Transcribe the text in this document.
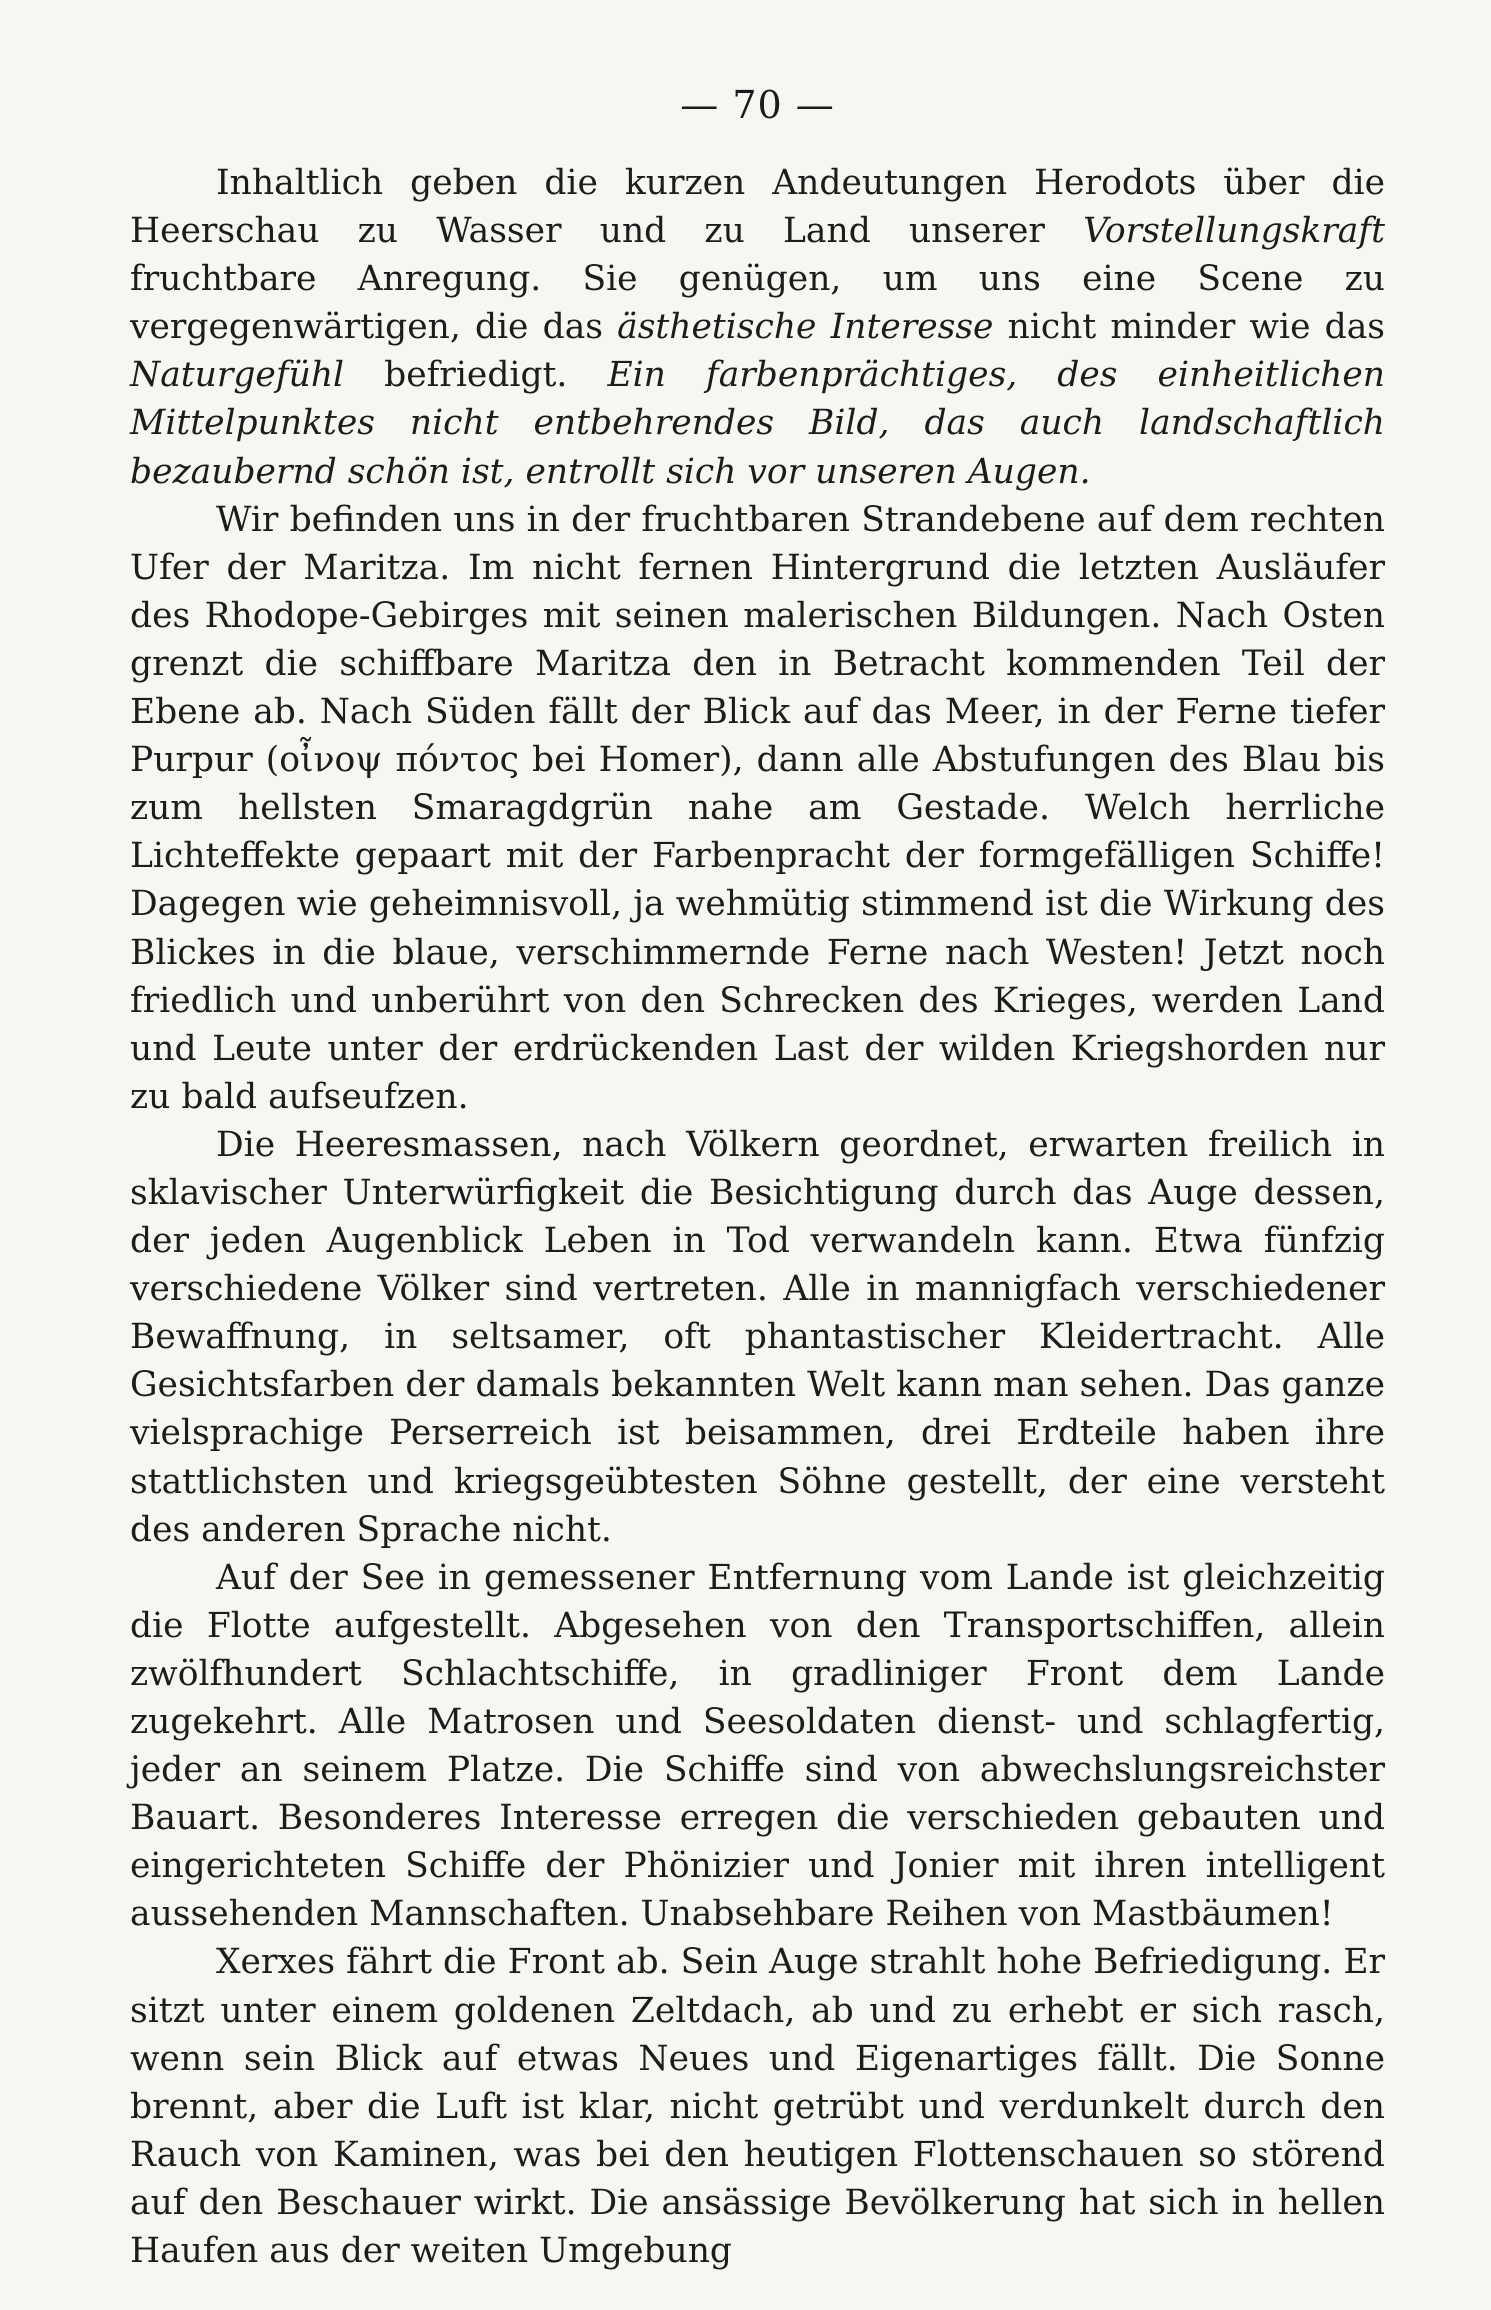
— 70 —

Inhaltlich geben die kurzen Andeutungen Herodots über die Heerschau zu Wasser und zu Land unserer Vorstellungskraft fruchtbare Anregung. Sie genügen, um uns eine Scene zu vergegenwärtigen, die das ästhetische Interesse nicht minder wie das Naturgefühl befriedigt. Ein farbenprächtiges, des einheitlichen Mittelpunktes nicht entbehrendes Bild, das auch landschaftlich bezaubernd schön ist, entrollt sich vor unseren Augen.

Wir befinden uns in der fruchtbaren Strandebene auf dem rechten Ufer der Maritza. Im nicht fernen Hintergrund die letzten Ausläufer des Rhodope-Gebirges mit seinen malerischen Bildungen. Nach Osten grenzt die schiffbare Maritza den in Betracht kommenden Teil der Ebene ab. Nach Süden fällt der Blick auf das Meer, in der Ferne tiefer Purpur (οἶνοψ πόντος bei Homer), dann alle Abstufungen des Blau bis zum hellsten Smaragdgrün nahe am Gestade. Welch herrliche Lichteffekte gepaart mit der Farbenpracht der formgefälligen Schiffe! Dagegen wie geheimnisvoll, ja wehmütig stimmend ist die Wirkung des Blickes in die blaue, verschimmernde Ferne nach Westen! Jetzt noch friedlich und unberührt von den Schrecken des Krieges, werden Land und Leute unter der erdrückenden Last der wilden Kriegshorden nur zu bald aufseufzen.

Die Heeresmassen, nach Völkern geordnet, erwarten freilich in sklavischer Unterwürfigkeit die Besichtigung durch das Auge dessen, der jeden Augenblick Leben in Tod verwandeln kann. Etwa fünfzig verschiedene Völker sind vertreten. Alle in mannigfach verschiedener Bewaffnung, in seltsamer, oft phantastischer Kleidertracht. Alle Gesichtsfarben der damals bekannten Welt kann man sehen. Das ganze vielsprachige Perserreich ist beisammen, drei Erdteile haben ihre stattlichsten und kriegsgeübtesten Söhne gestellt, der eine versteht des anderen Sprache nicht.

Auf der See in gemessener Entfernung vom Lande ist gleichzeitig die Flotte aufgestellt. Abgesehen von den Transportschiffen, allein zwölfhundert Schlachtschiffe, in gradliniger Front dem Lande zugekehrt. Alle Matrosen und Seesoldaten dienst- und schlagfertig, jeder an seinem Platze. Die Schiffe sind von abwechslungsreichster Bauart. Besonderes Interesse erregen die verschieden gebauten und eingerichteten Schiffe der Phönizier und Jonier mit ihren intelligent aussehenden Mannschaften. Unabsehbare Reihen von Mastbäumen!

Xerxes fährt die Front ab. Sein Auge strahlt hohe Befriedigung. Er sitzt unter einem goldenen Zeltdach, ab und zu erhebt er sich rasch, wenn sein Blick auf etwas Neues und Eigenartiges fällt. Die Sonne brennt, aber die Luft ist klar, nicht getrübt und verdunkelt durch den Rauch von Kaminen, was bei den heutigen Flottenschauen so störend auf den Beschauer wirkt. Die ansässige Bevölkerung hat sich in hellen Haufen aus der weiten Umgebung
